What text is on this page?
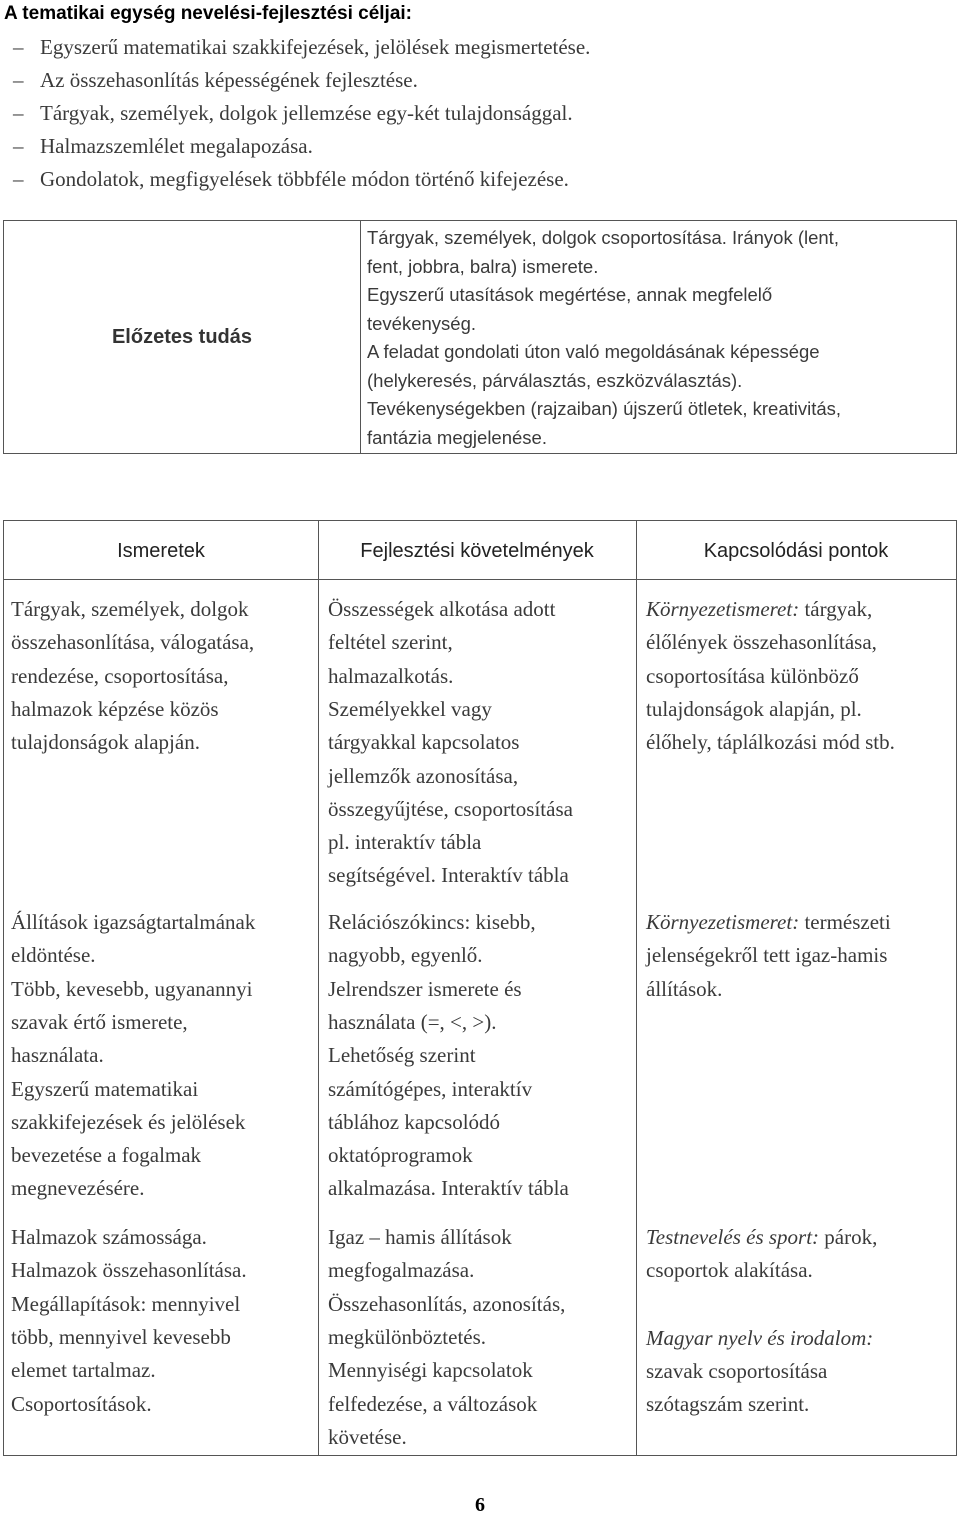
A tematikai egység nevelési-fejlesztési céljai:
– Egyszerű matematikai szakkifejezések, jelölések megismertetése.
– Az összehasonlítás képességének fejlesztése.
– Tárgyak, személyek, dolgok jellemzése egy-két tulajdonsággal.
– Halmazszemlélet megalapozása.
– Gondolatok, megfigyelések többféle módon történő kifejezése.
Előzetes tudás
Tárgyak, személyek, dolgok csoportosítása. Irányok (lent,
fent, jobbra, balra) ismerete.
Egyszerű utasítások megértése, annak megfelelő
tevékenység.
A feladat gondolati úton való megoldásának képessége
(helykeresés, párválasztás, eszközválasztás).
Tevékenységekben (rajzaiban) újszerű ötletek, kreativitás,
fantázia megjelenése.
Ismeretek	Fejlesztési követelmények	Kapcsolódási pontok
Tárgyak, személyek, dolgok
összehasonlítása, válogatása,
rendezése, csoportosítása,
halmazok képzése közös
tulajdonságok alapján.
Állítások igazságtartalmának
eldöntése.
Több, kevesebb, ugyanannyi
szavak értő ismerete,
használata.
Egyszerű matematikai
szakkifejezések és jelölések
bevezetése a fogalmak
megnevezésére.
Halmazok számossága.
Halmazok összehasonlítása.
Megállapítások: mennyivel
több, mennyivel kevesebb
elemet tartalmaz.
Csoportosítások.
Összességek alkotása adott
feltétel szerint,
halmazalkotás.
Személyekkel vagy
tárgyakkal kapcsolatos
jellemzők azonosítása,
összegyűjtése, csoportosítása
pl. interaktív tábla
segítségével. Interaktív tábla
Relációszókincs: kisebb,
nagyobb, egyenlő.
Jelrendszer ismerete és
használata (=, <, >).
Lehetőség szerint
számítógépes, interaktív
táblához kapcsolódó
oktatóprogramok
alkalmazása. Interaktív tábla
Igaz – hamis állítások
megfogalmazása.
Összehasonlítás, azonosítás,
megkülönböztetés.
Mennyiségi kapcsolatok
felfedezése, a változások
követése.
Környezetismeret: tárgyak,
élőlények összehasonlítása,
csoportosítása különböző
tulajdonságok alapján, pl.
élőhely, táplálkozási mód stb.
Környezetismeret: természeti
jelenségekről tett igaz-hamis
állítások.
Testnevelés és sport: párok,
csoportok alakítása.
Magyar nyelv és irodalom:
szavak csoportosítása
szótagszám szerint.
6
